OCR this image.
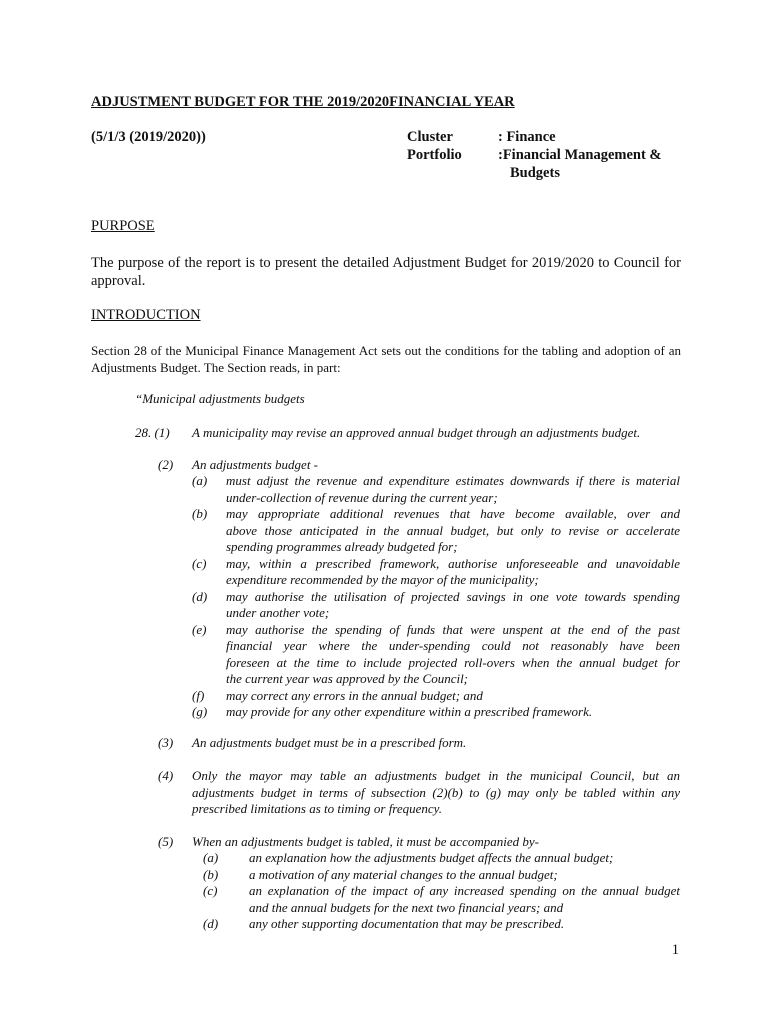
ADJUSTMENT BUDGET FOR THE 2019/2020FINANCIAL YEAR
(5/1/3 (2019/2020))	Cluster	: Finance
Portfolio :Financial Management &
Budgets
PURPOSE
The purpose of the report is to present the detailed Adjustment Budget for 2019/2020 to Council for approval.
INTRODUCTION
Section 28 of the Municipal Finance Management Act sets out the conditions for the tabling and adoption of an Adjustments Budget. The Section reads, in part:
“Municipal adjustments budgets
28. (1) A municipality may revise an approved annual budget through an adjustments budget.
(2) An adjustments budget -
(a)	must adjust the revenue and expenditure estimates downwards if there is material
under-collection of revenue during the current year;
(b)	may appropriate additional revenues that have become available, over and
above those anticipated in the annual budget, but only to revise or accelerate
spending programmes already budgeted for;
(c)	may, within a prescribed framework, authorise unforeseeable and unavoidable
expenditure recommended by the mayor of the municipality;
(d)	may authorise the utilisation of projected savings in one vote towards spending
under another vote;
(e)	may authorise the spending of funds that were unspent at the end of the past
financial year where the under-spending could not reasonably have been
foreseen at the time to include projected roll-overs when the annual budget for
the current year was approved by the Council;
(f)	may correct any errors in the annual budget; and
(g)	may provide for any other expenditure within a prescribed framework.
(3) An adjustments budget must be in a prescribed form.
(4) Only the mayor may table an adjustments budget in the municipal Council, but an
adjustments budget in terms of subsection (2)(b) to (g) may only be tabled within any
prescribed limitations as to timing or frequency.
(5) When an adjustments budget is tabled, it must be accompanied by-
(a)	an explanation how the adjustments budget affects the annual budget;
(b)	a motivation of any material changes to the annual budget;
(c)	an explanation of the impact of any increased spending on the annual budget
and the annual budgets for the next two financial years; and
(d)	any other supporting documentation that may be prescribed.
1
